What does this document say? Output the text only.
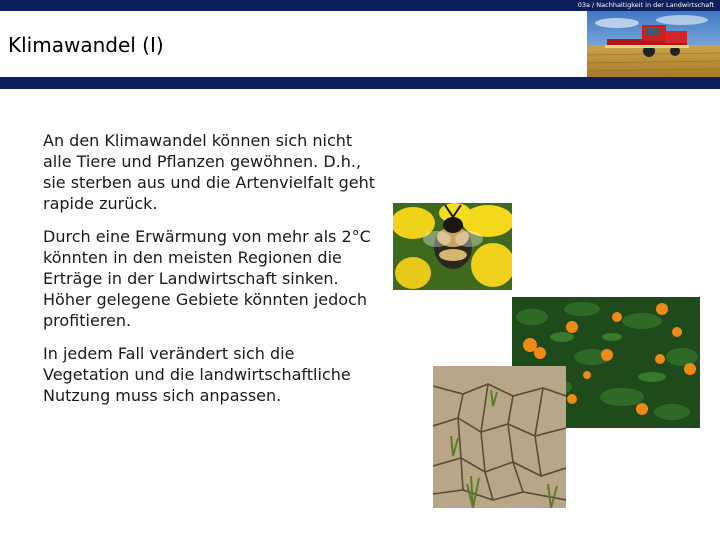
03a / Nachhaltigkeit in der Landwirtschaft
Klimawandel (I)

An den Klimawandel können sich nicht alle Tiere und Pflanzen gewöhnen. D.h., sie sterben aus und die Artenvielfalt geht rapide zurück.

Durch eine Erwärmung von mehr als 2°C könnten in den meisten Regionen die Erträge in der Landwirtschaft sinken. Höher gelegene Gebiete könnten jedoch profitieren.

In jedem Fall verändert sich die Vegetation und die landwirtschaftliche Nutzung muss sich anpassen.
